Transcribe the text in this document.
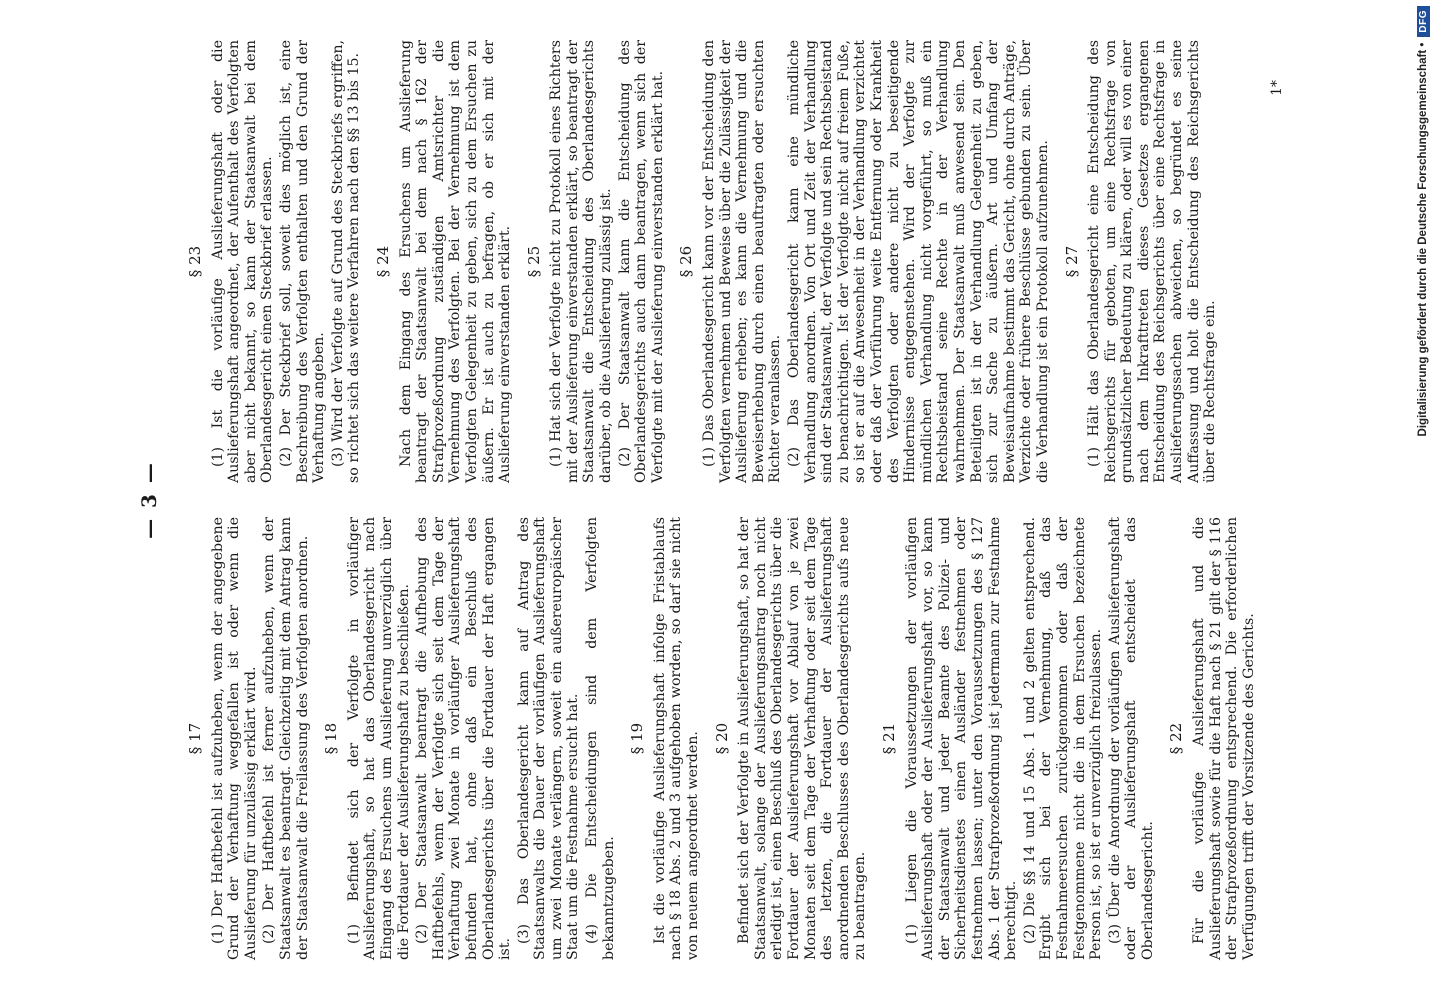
— 3 —
§ 17 (1) Der Haftbefehl ist aufzuheben, wenn der angegebene Grund der Verhaftung weggefallen ist oder wenn die Auslieferung für unzulässig erklärt wird. (2) Der Haftbefehl ist ferner aufzuheben, wenn der Staatsanwalt es beantragt. Gleichzeitig mit dem Antrag kann der Staatsanwalt die Freilassung des Verfolgten anordnen. § 18 (1) Befindet sich der Verfolgte in vorläufiger Auslieferungshaft, so hat das Oberlandesgericht nach Eingang des Ersuchens um Auslieferung unverzüglich über die Fortdauer der Auslieferungshaft zu beschließen. (2) Der Staatsanwalt beantragt die Aufhebung des Haftbefehls, wenn der Verfolgte sich seit dem Tage der Verhaftung zwei Monate in vorläufiger Auslieferungshaft befunden hat, ohne daß ein Beschluß des Oberlandesgerichts über die Fortdauer der Haft ergangen ist.

(3) Das Oberlandesgericht kann auf Antrag des Staatsanwalts die Dauer der vorläufigen Auslieferungshaft um zwei Monate verlängern, soweit ein außereuropäischer Staat um die Festnahme ersucht hat. (4) Die Entscheidungen sind dem Verfolgten bekanntzugeben.

§ 19 Ist die vorläufige Auslieferungshaft infolge Fristablaufs nach § 18 Abs. 2 und 3 aufgehoben worden, so darf sie nicht von neuem angeordnet werden. § 20 Befindet sich der Verfolgte in Auslieferungshaft, so hat der Staatsanwalt, solange der Auslieferungsantrag noch nicht erledigt ist, einen Beschluß des Oberlandesgerichts über die Fortdauer der Auslieferungshaft vor Ablauf von je zwei Monaten seit dem Tage der Verhaftung oder seit dem Tage des letzten, die Fortdauer der Auslieferungshaft anordnenden Beschlusses des Oberlandesgerichts aufs neue zu beantragen.

§ 21 (1) Liegen die Voraussetzungen der vorläufigen Auslieferungshaft oder der Auslieferungshaft vor, so kann der Staatsanwalt und jeder Beamte des Polizei- und Sicherheitsdienstes einen Ausländer festnehmen oder festnehmen lassen; unter den Voraussetzungen des § 127 Abs. 1 der Strafprozeßordnung ist jedermann zur Festnahme berechtigt. (2) Die §§ 14 und 15 Abs. 1 und 2 gelten entsprechend. Ergibt sich bei der Vernehmung, daß das Festnahmeersuchen zurückgenommen oder daß der Festgenommene nicht die in dem Ersuchen bezeichnete Person ist, so ist er unverzüglich freizulassen. (3) Über die Anordnung der vorläufigen Auslieferungshaft oder der Auslieferungshaft entscheidet das Oberlandesgericht.

§ 22 Für die vorläufige Auslieferungshaft und die Auslieferungshaft sowie für die Haft nach § 21 gilt der § 116 der Strafprozeßordnung entsprechend. Die erforderlichen Verfügungen trifft der Vorsitzende des Gerichts.

§ 23 (1) Ist die vorläufige Auslieferungshaft oder die Auslieferungshaft angeordnet, der Aufenthalt des Verfolgten aber nicht bekannt, so kann der Staatsanwalt bei dem Oberlandesgericht einen Steckbrief erlassen. (2) Der Steckbrief soll, soweit dies möglich ist, eine Beschreibung des Verfolgten enthalten und den Grund der Verhaftung angeben. (3) Wird der Verfolgte auf Grund des Steckbriefs ergriffen, so richtet sich das weitere Verfahren nach den §§ 13 bis 15. § 24 Nach dem Eingang des Ersuchens um Auslieferung beantragt der Staatsanwalt bei dem nach § 162 der Strafprozeßordnung zuständigen Amtsrichter die Vernehmung des Verfolgten. Bei der Vernehmung ist dem Verfolgten Gelegenheit zu geben, sich zu dem Ersuchen zu äußern. Er ist auch zu befragen, ob er sich mit der Auslieferung einverstanden erklärt. § 25 (1) Hat sich der Verfolgte nicht zu Protokoll eines Richters mit der Auslieferung einverstanden erklärt, so beantragt der Staatsanwalt die Entscheidung des Oberlandesgerichts darüber, ob die Auslieferung zulässig ist. (2) Der Staatsanwalt kann die Entscheidung des Oberlandesgerichts auch dann beantragen, wenn sich der Verfolgte mit der Auslieferung einverstanden erklärt hat. § 26 (1) Das Oberlandesgericht kann vor der Entscheidung den Verfolgten vernehmen und Beweise über die Zulässigkeit der Auslieferung erheben; es kann die Vernehmung und die Beweiserhebung durch einen beauftragten oder ersuchten Richter veranlassen. (2) Das Oberlandesgericht kann eine mündliche Verhandlung anordnen. Von Ort und Zeit der Verhandlung sind der Staatsanwalt, der Verfolgte und sein Rechtsbeistand zu benachrichtigen. Ist der Verfolgte nicht auf freiem Fuße, so ist er auf die Anwesenheit in der Verhandlung verzichtet oder daß der Vorführung weite Entfernung oder Krankheit des Verfolgten oder andere nicht zu beseitigende Hindernisse entgegenstehen. Wird der Verfolgte zur mündlichen Verhandlung nicht vorgeführt, so muß ein Rechtsbeistand seine Rechte in der Verhandlung wahrnehmen. Der Staatsanwalt muß anwesend sein. Den Beteiligten ist in der Verhandlung Gelegenheit zu geben, sich zur Sache zu äußern. Art und Umfang der Beweisaufnahme bestimmt das Gericht, ohne durch Anträge, Verzichte oder frühere Beschlüsse gebunden zu sein. Über die Verhandlung ist ein Protokoll aufzunehmen. § 27 (1) Hält das Oberlandesgericht eine Entscheidung des Reichsgerichts für geboten, um eine Rechtsfrage von grundsätzlicher Bedeutung zu klären, oder will es von einer nach dem Inkrafttreten dieses Gesetzes ergangenen Entscheidung des Reichsgerichts über eine Rechtsfrage in Auslieferungssachen abweichen, so begründet es seine Auffassung und holt die Entscheidung des Reichsgerichts über die Rechtsfrage ein.

1*	Digitalisierung gefördert durch die Deutsche Forschungsgemeinschaft •
DFG
